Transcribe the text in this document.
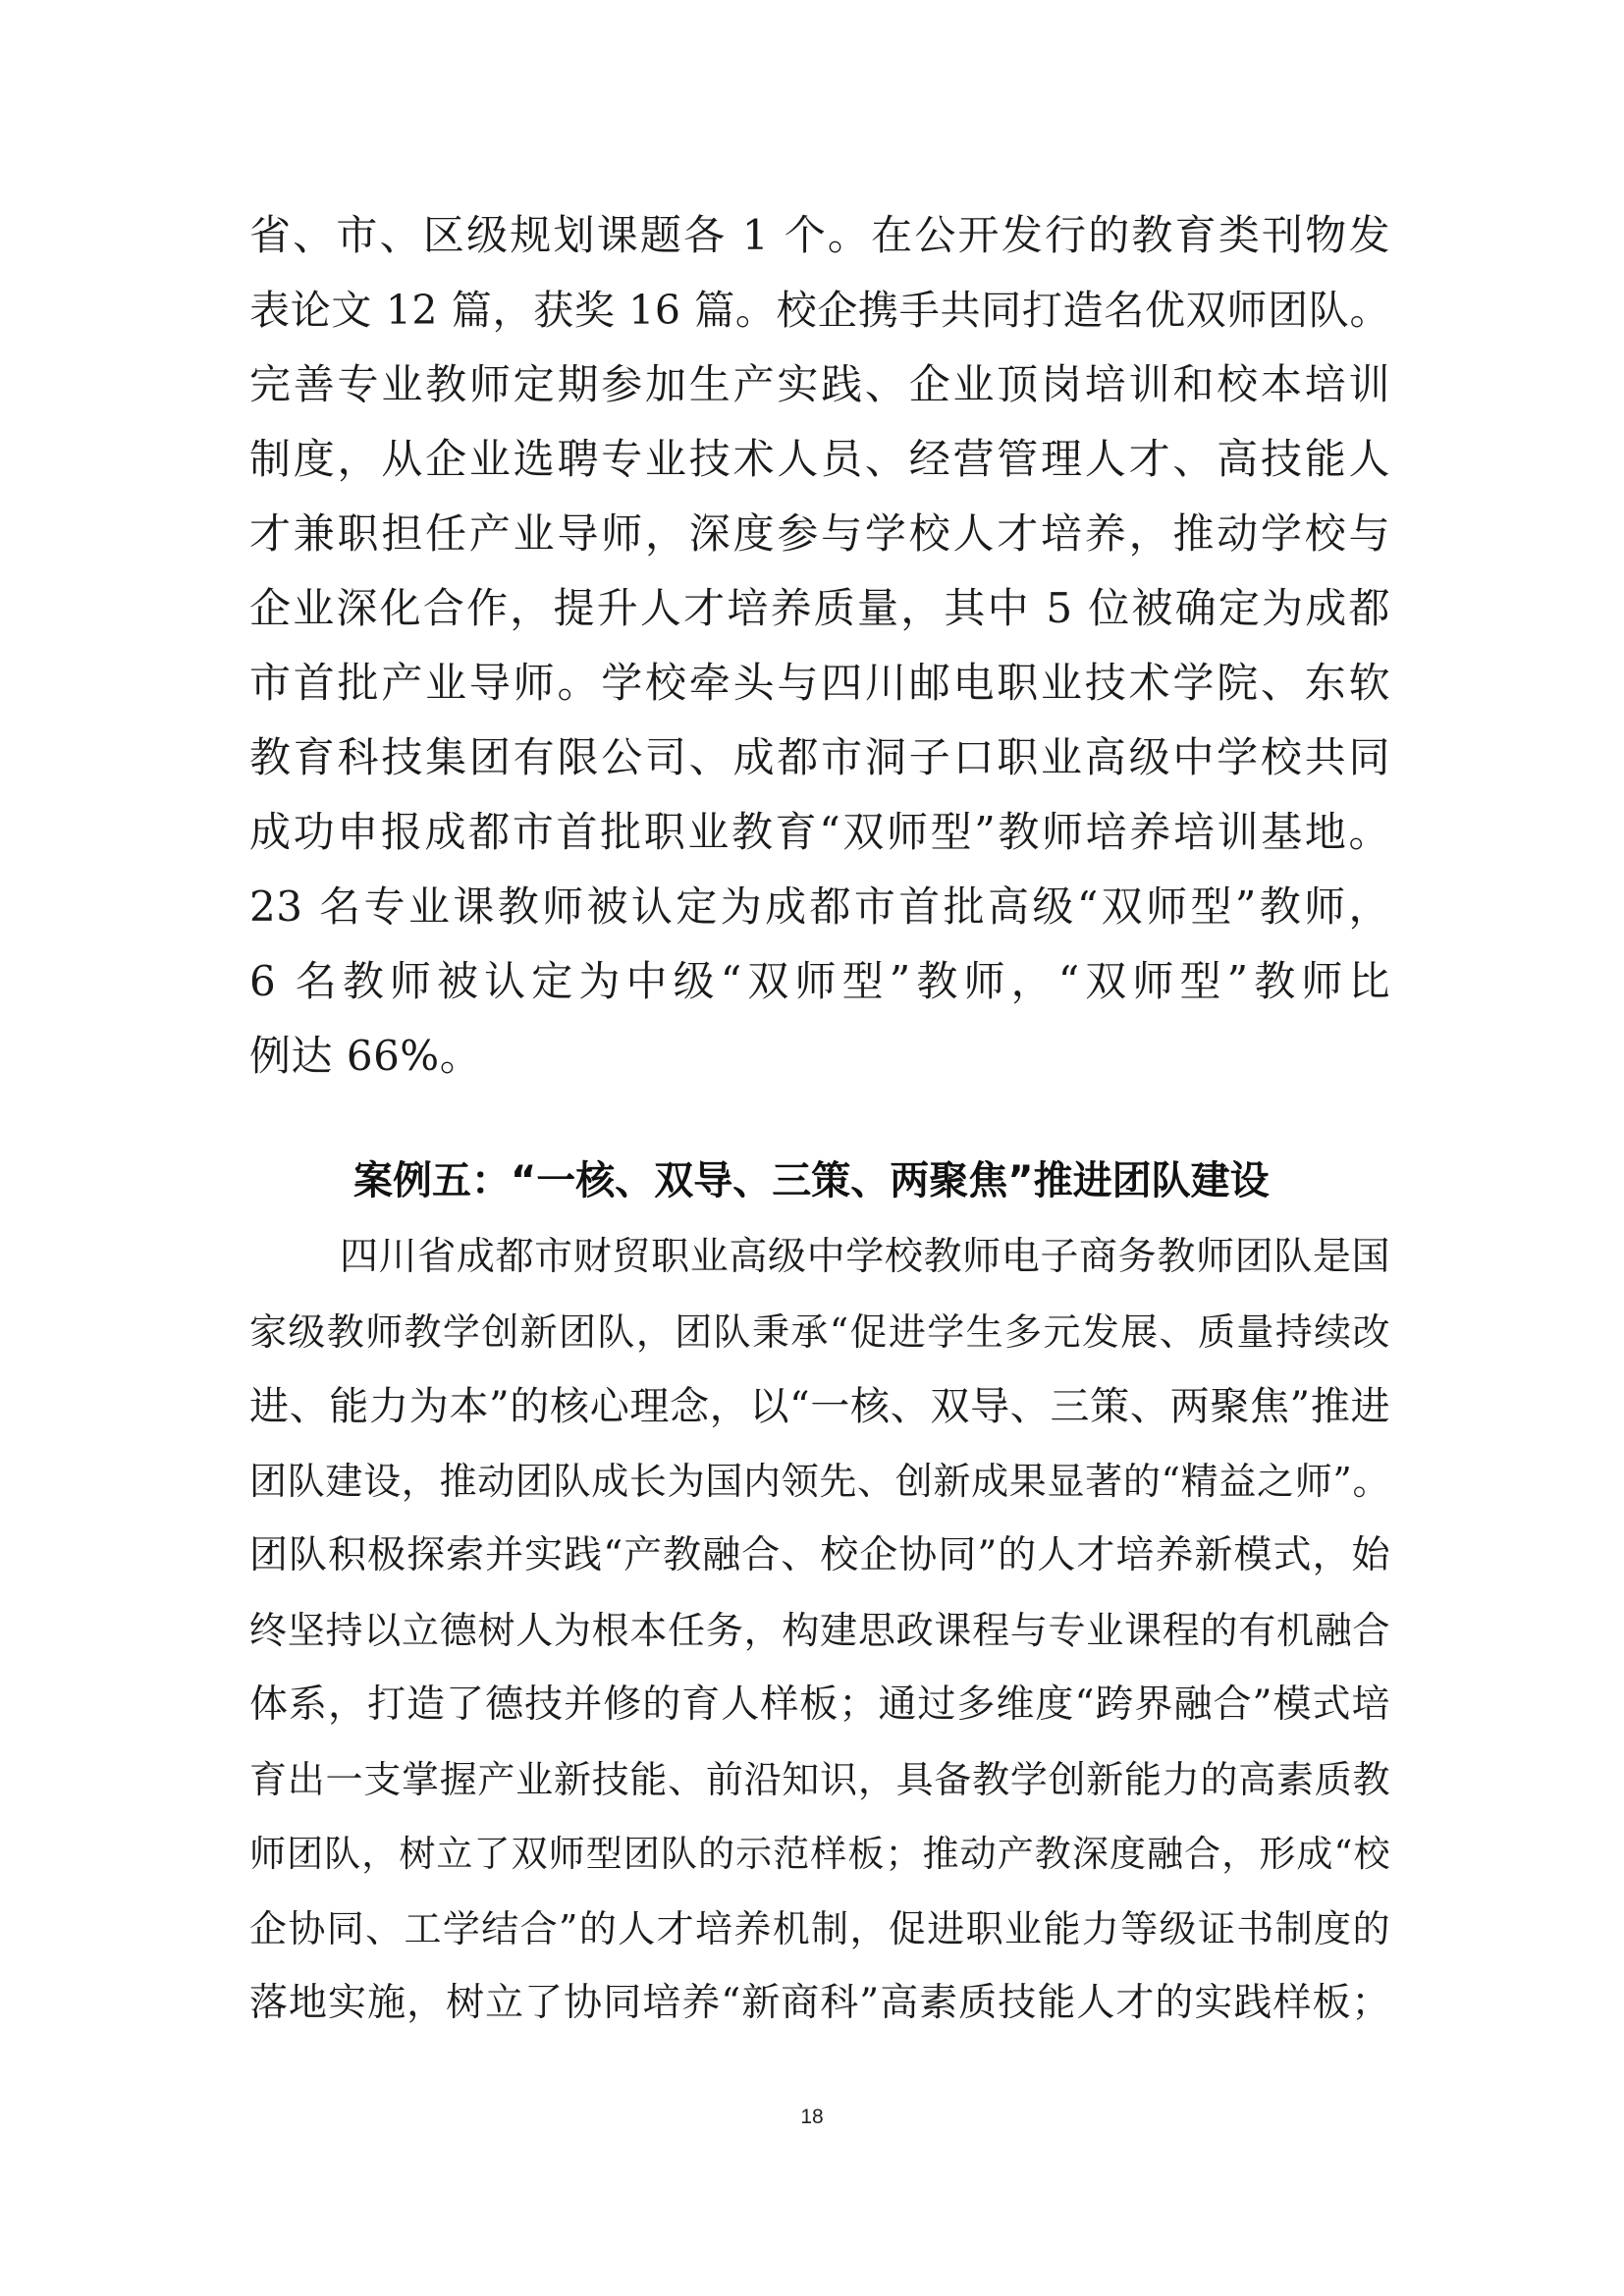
省、市、区级规划课题各 1 个。在公开发行的教育类刊物发
表论文 12 篇，获奖 16 篇。校企携手共同打造名优双师团队。
完善专业教师定期参加生产实践、企业顶岗培训和校本培训
制度，从企业选聘专业技术人员、经营管理人才、高技能人
才兼职担任产业导师，深度参与学校人才培养，推动学校与
企业深化合作，提升人才培养质量，其中 5 位被确定为成都
市首批产业导师。学校牵头与四川邮电职业技术学院、东软
教育科技集团有限公司、成都市洞子口职业高级中学校共同
成功申报成都市首批职业教育“双师型”教师培养培训基地。
23 名专业课教师被认定为成都市首批高级“双师型”教师，
6 名教师被认定为中级“双师型”教师，“双师型”教师比
例达 66%。
案例五：“一核、双导、三策、两聚焦”推进团队建设
四川省成都市财贸职业高级中学校教师电子商务教师团队是国
家级教师教学创新团队，团队秉承“促进学生多元发展、质量持续改
进、能力为本”的核心理念，以“一核、双导、三策、两聚焦”推进
团队建设，推动团队成长为国内领先、创新成果显著的“精益之师”。
团队积极探索并实践“产教融合、校企协同”的人才培养新模式，始
终坚持以立德树人为根本任务，构建思政课程与专业课程的有机融合
体系，打造了德技并修的育人样板；通过多维度“跨界融合”模式培
育出一支掌握产业新技能、前沿知识，具备教学创新能力的高素质教
师团队，树立了双师型团队的示范样板；推动产教深度融合，形成“校
企协同、工学结合”的人才培养机制，促进职业能力等级证书制度的
落地实施，树立了协同培养“新商科”高素质技能人才的实践样板；
18
